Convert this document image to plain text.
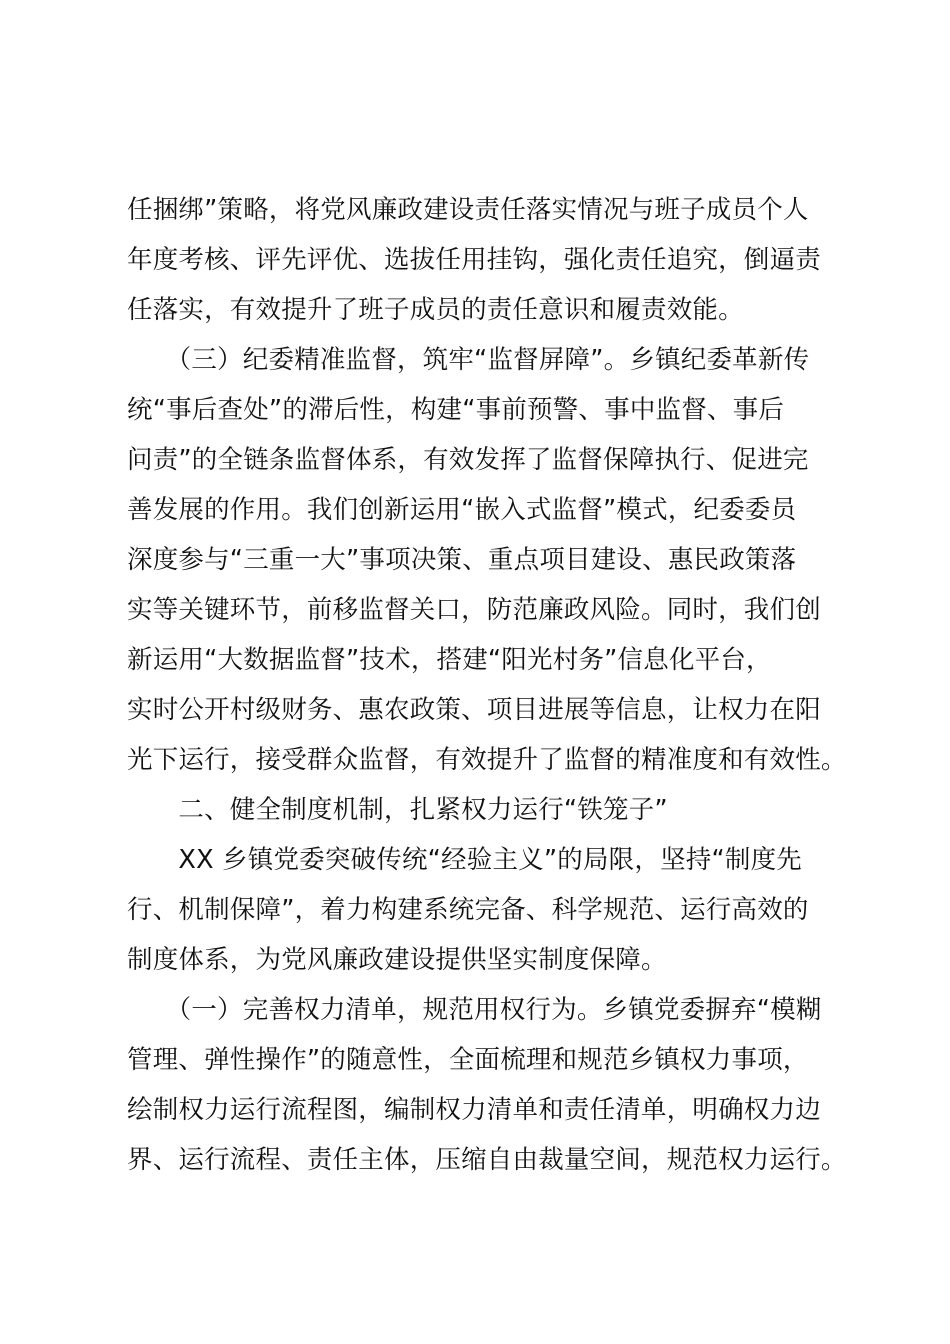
任捆绑”策略，将党风廉政建设责任落实情况与班子成员个人
年度考核、评先评优、选拔任用挂钩，强化责任追究，倒逼责
任落实，有效提升了班子成员的责任意识和履责效能。
　　（三）纪委精准监督，筑牢“监督屏障”。乡镇纪委革新传
统“事后查处”的滞后性，构建“事前预警、事中监督、事后
问责”的全链条监督体系，有效发挥了监督保障执行、促进完
善发展的作用。我们创新运用“嵌入式监督”模式，纪委委员
深度参与“三重一大”事项决策、重点项目建设、惠民政策落
实等关键环节，前移监督关口，防范廉政风险。同时，我们创
新运用“大数据监督”技术，搭建“阳光村务”信息化平台，
实时公开村级财务、惠农政策、项目进展等信息，让权力在阳
光下运行，接受群众监督，有效提升了监督的精准度和有效性。
　　二、健全制度机制，扎紧权力运行“铁笼子”
　　XX 乡镇党委突破传统“经验主义”的局限，坚持“制度先
行、机制保障”，着力构建系统完备、科学规范、运行高效的
制度体系，为党风廉政建设提供坚实制度保障。
　　（一）完善权力清单，规范用权行为。乡镇党委摒弃“模糊
管理、弹性操作”的随意性，全面梳理和规范乡镇权力事项，
绘制权力运行流程图，编制权力清单和责任清单，明确权力边
界、运行流程、责任主体，压缩自由裁量空间，规范权力运行。
